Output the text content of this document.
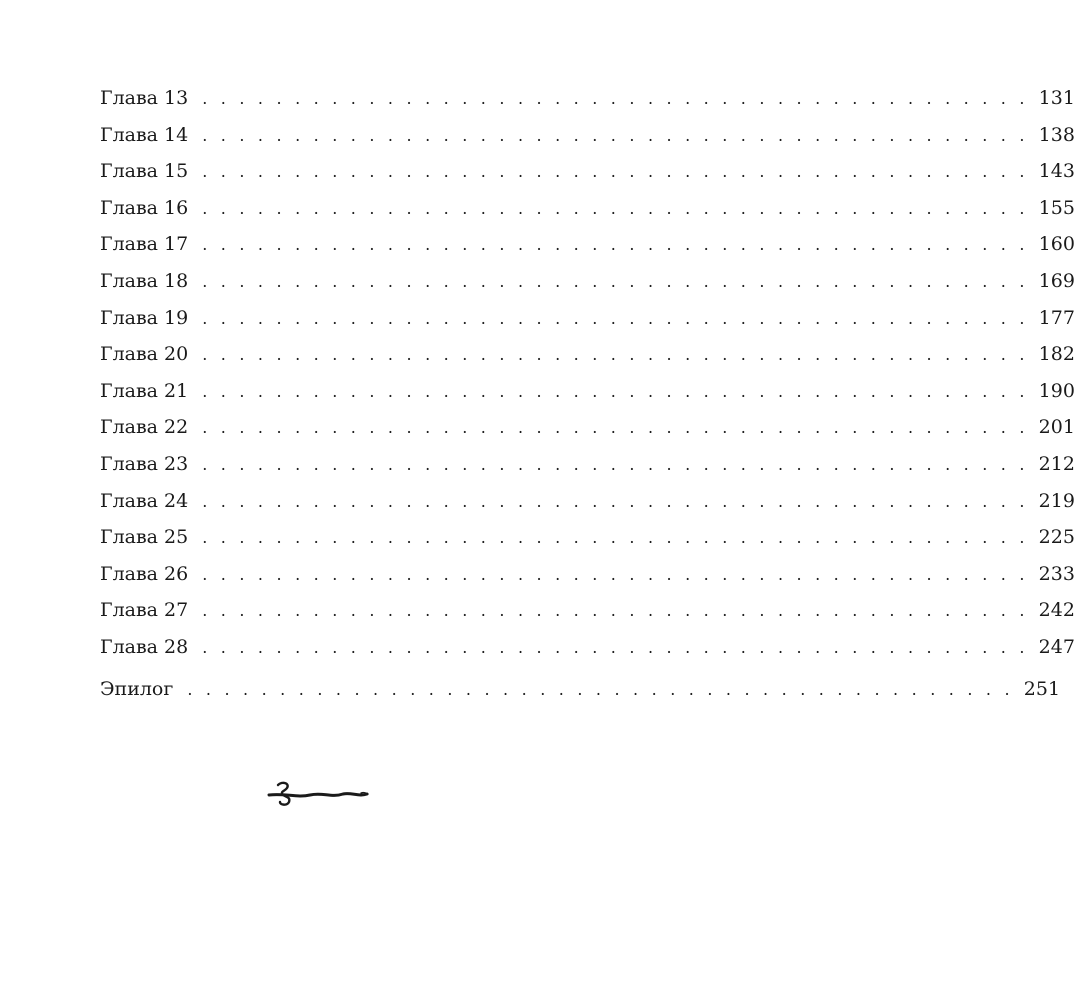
Глава 13 . . . . . . . . . . . . . . . . . . . . . . . . . . . . . . . . . . . . . . . . . . . . . 131
Глава 14 . . . . . . . . . . . . . . . . . . . . . . . . . . . . . . . . . . . . . . . . . . . . . 138
Глава 15 . . . . . . . . . . . . . . . . . . . . . . . . . . . . . . . . . . . . . . . . . . . . . 143
Глава 16 . . . . . . . . . . . . . . . . . . . . . . . . . . . . . . . . . . . . . . . . . . . . . 155
Глава 17 . . . . . . . . . . . . . . . . . . . . . . . . . . . . . . . . . . . . . . . . . . . . . 160
Глава 18 . . . . . . . . . . . . . . . . . . . . . . . . . . . . . . . . . . . . . . . . . . . . . 169
Глава 19 . . . . . . . . . . . . . . . . . . . . . . . . . . . . . . . . . . . . . . . . . . . . . 177
Глава 20 . . . . . . . . . . . . . . . . . . . . . . . . . . . . . . . . . . . . . . . . . . . . . 182
Глава 21 . . . . . . . . . . . . . . . . . . . . . . . . . . . . . . . . . . . . . . . . . . . . . 190
Глава 22 . . . . . . . . . . . . . . . . . . . . . . . . . . . . . . . . . . . . . . . . . . . . . 201
Глава 23 . . . . . . . . . . . . . . . . . . . . . . . . . . . . . . . . . . . . . . . . . . . . . 212
Глава 24 . . . . . . . . . . . . . . . . . . . . . . . . . . . . . . . . . . . . . . . . . . . . . 219
Глава 25 . . . . . . . . . . . . . . . . . . . . . . . . . . . . . . . . . . . . . . . . . . . . . 225
Глава 26 . . . . . . . . . . . . . . . . . . . . . . . . . . . . . . . . . . . . . . . . . . . . . 233
Глава 27 . . . . . . . . . . . . . . . . . . . . . . . . . . . . . . . . . . . . . . . . . . . . . 242
Глава 28 . . . . . . . . . . . . . . . . . . . . . . . . . . . . . . . . . . . . . . . . . . . . . 247
Эпилог . . . . . . . . . . . . . . . . . . . . . . . . . . . . . . . . . . . . . . . . . . . . . 251
